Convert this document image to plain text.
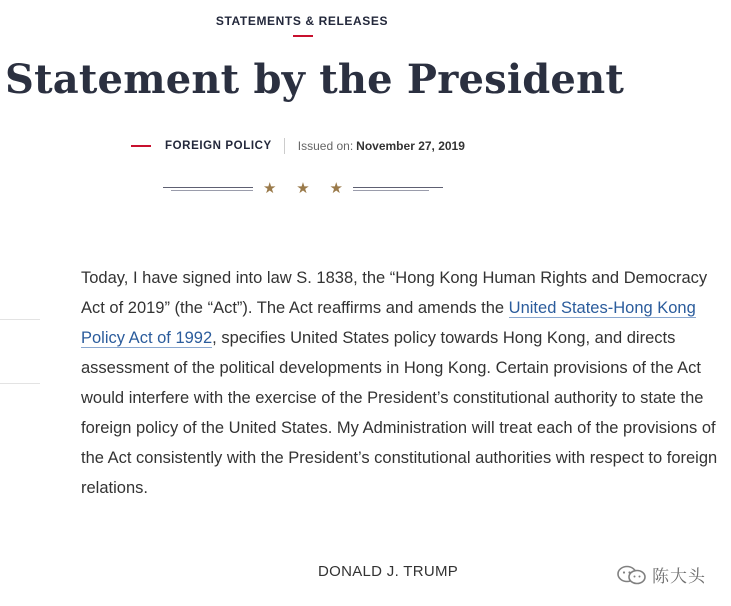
STATEMENTS & RELEASES
Statement by the President
FOREIGN POLICY Issued on: November 27, 2019
★ ★ ★

Today, I have signed into law S. 1838, the “Hong Kong Human Rights and Democracy Act of 2019” (the “Act”). The Act reaffirms and amends the United States-Hong Kong Policy Act of 1992, specifies United States policy towards Hong Kong, and directs assessment of the political developments in Hong Kong. Certain provisions of the Act would interfere with the exercise of the President’s constitutional authority to state the foreign policy of the United States. My Administration will treat each of the provisions of the Act consistently with the President’s constitutional authorities with respect to foreign relations.

DONALD J. TRUMP	陈大头
